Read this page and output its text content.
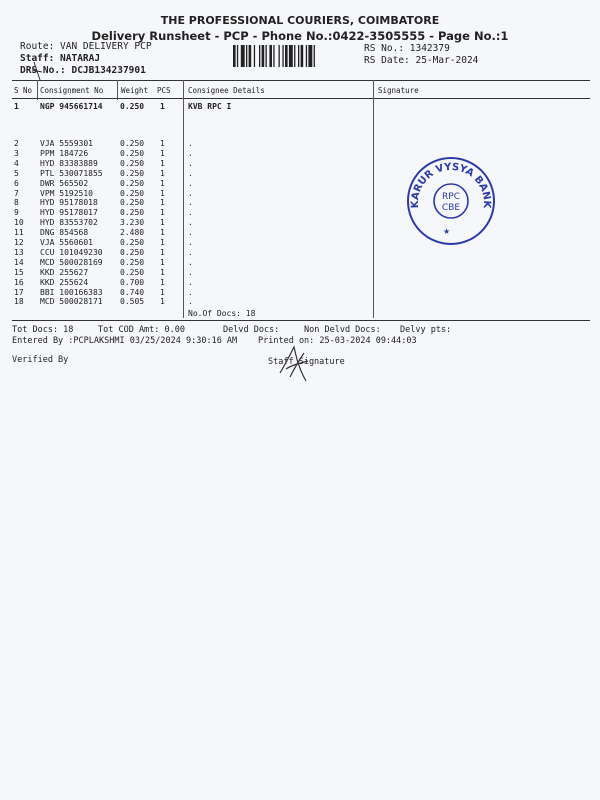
THE PROFESSIONAL COURIERS, COIMBATORE
Delivery Runsheet - PCP - Phone No.:0422-3505555 - Page No.:1
Route: VAN DELIVERY PCP
Staff: NATARAJ
DRS No.: DCJB134237901
RS No.: 1342379
RS Date: 25-Mar-2024
S No Consignment No Weight PCS Consignee Details	Signature
1	NGP 945661714 0.250 1	KVB RPC I
2	VJA 5559301	0.250 1	.
3	PPM 184726	0.250 1	.
4	HYD 83383889	0.250 1	.
5	PTL 530071855 0.250 1	.
6	DWR 565502	0.250 1	.
7	VPM 5192510	0.250 1	.
8	HYD 95178018	0.250 1	.
9	HYD 95178017	0.250 1	.
10 HYD 83553702	3.230 1	.
11 DNG 854568	2.480 1	.
12 VJA 5560601	0.250 1	.
13 CCU 101049230 0.250 1	.
14 MCD 500028169 0.250 1	.
15 KKD 255627	0.250 1	.
16 KKD 255624	0.700 1	.
17 BBI 100166383 0.740 1	.
18 MCD 500028171 0.505 1	.
No.Of Docs: 18
KARUR VYSYA BANK
RPC
CBE
★
Tot Docs: 18	Tot COD Amt: 0.00	Delvd Docs:	Non Delvd Docs: Delvy pts:
Entered By :PCPLAKSHMI 03/25/2024 9:30:16 AM Printed on: 25-03-2024 09:44:03
Verified By	Staff Signature
